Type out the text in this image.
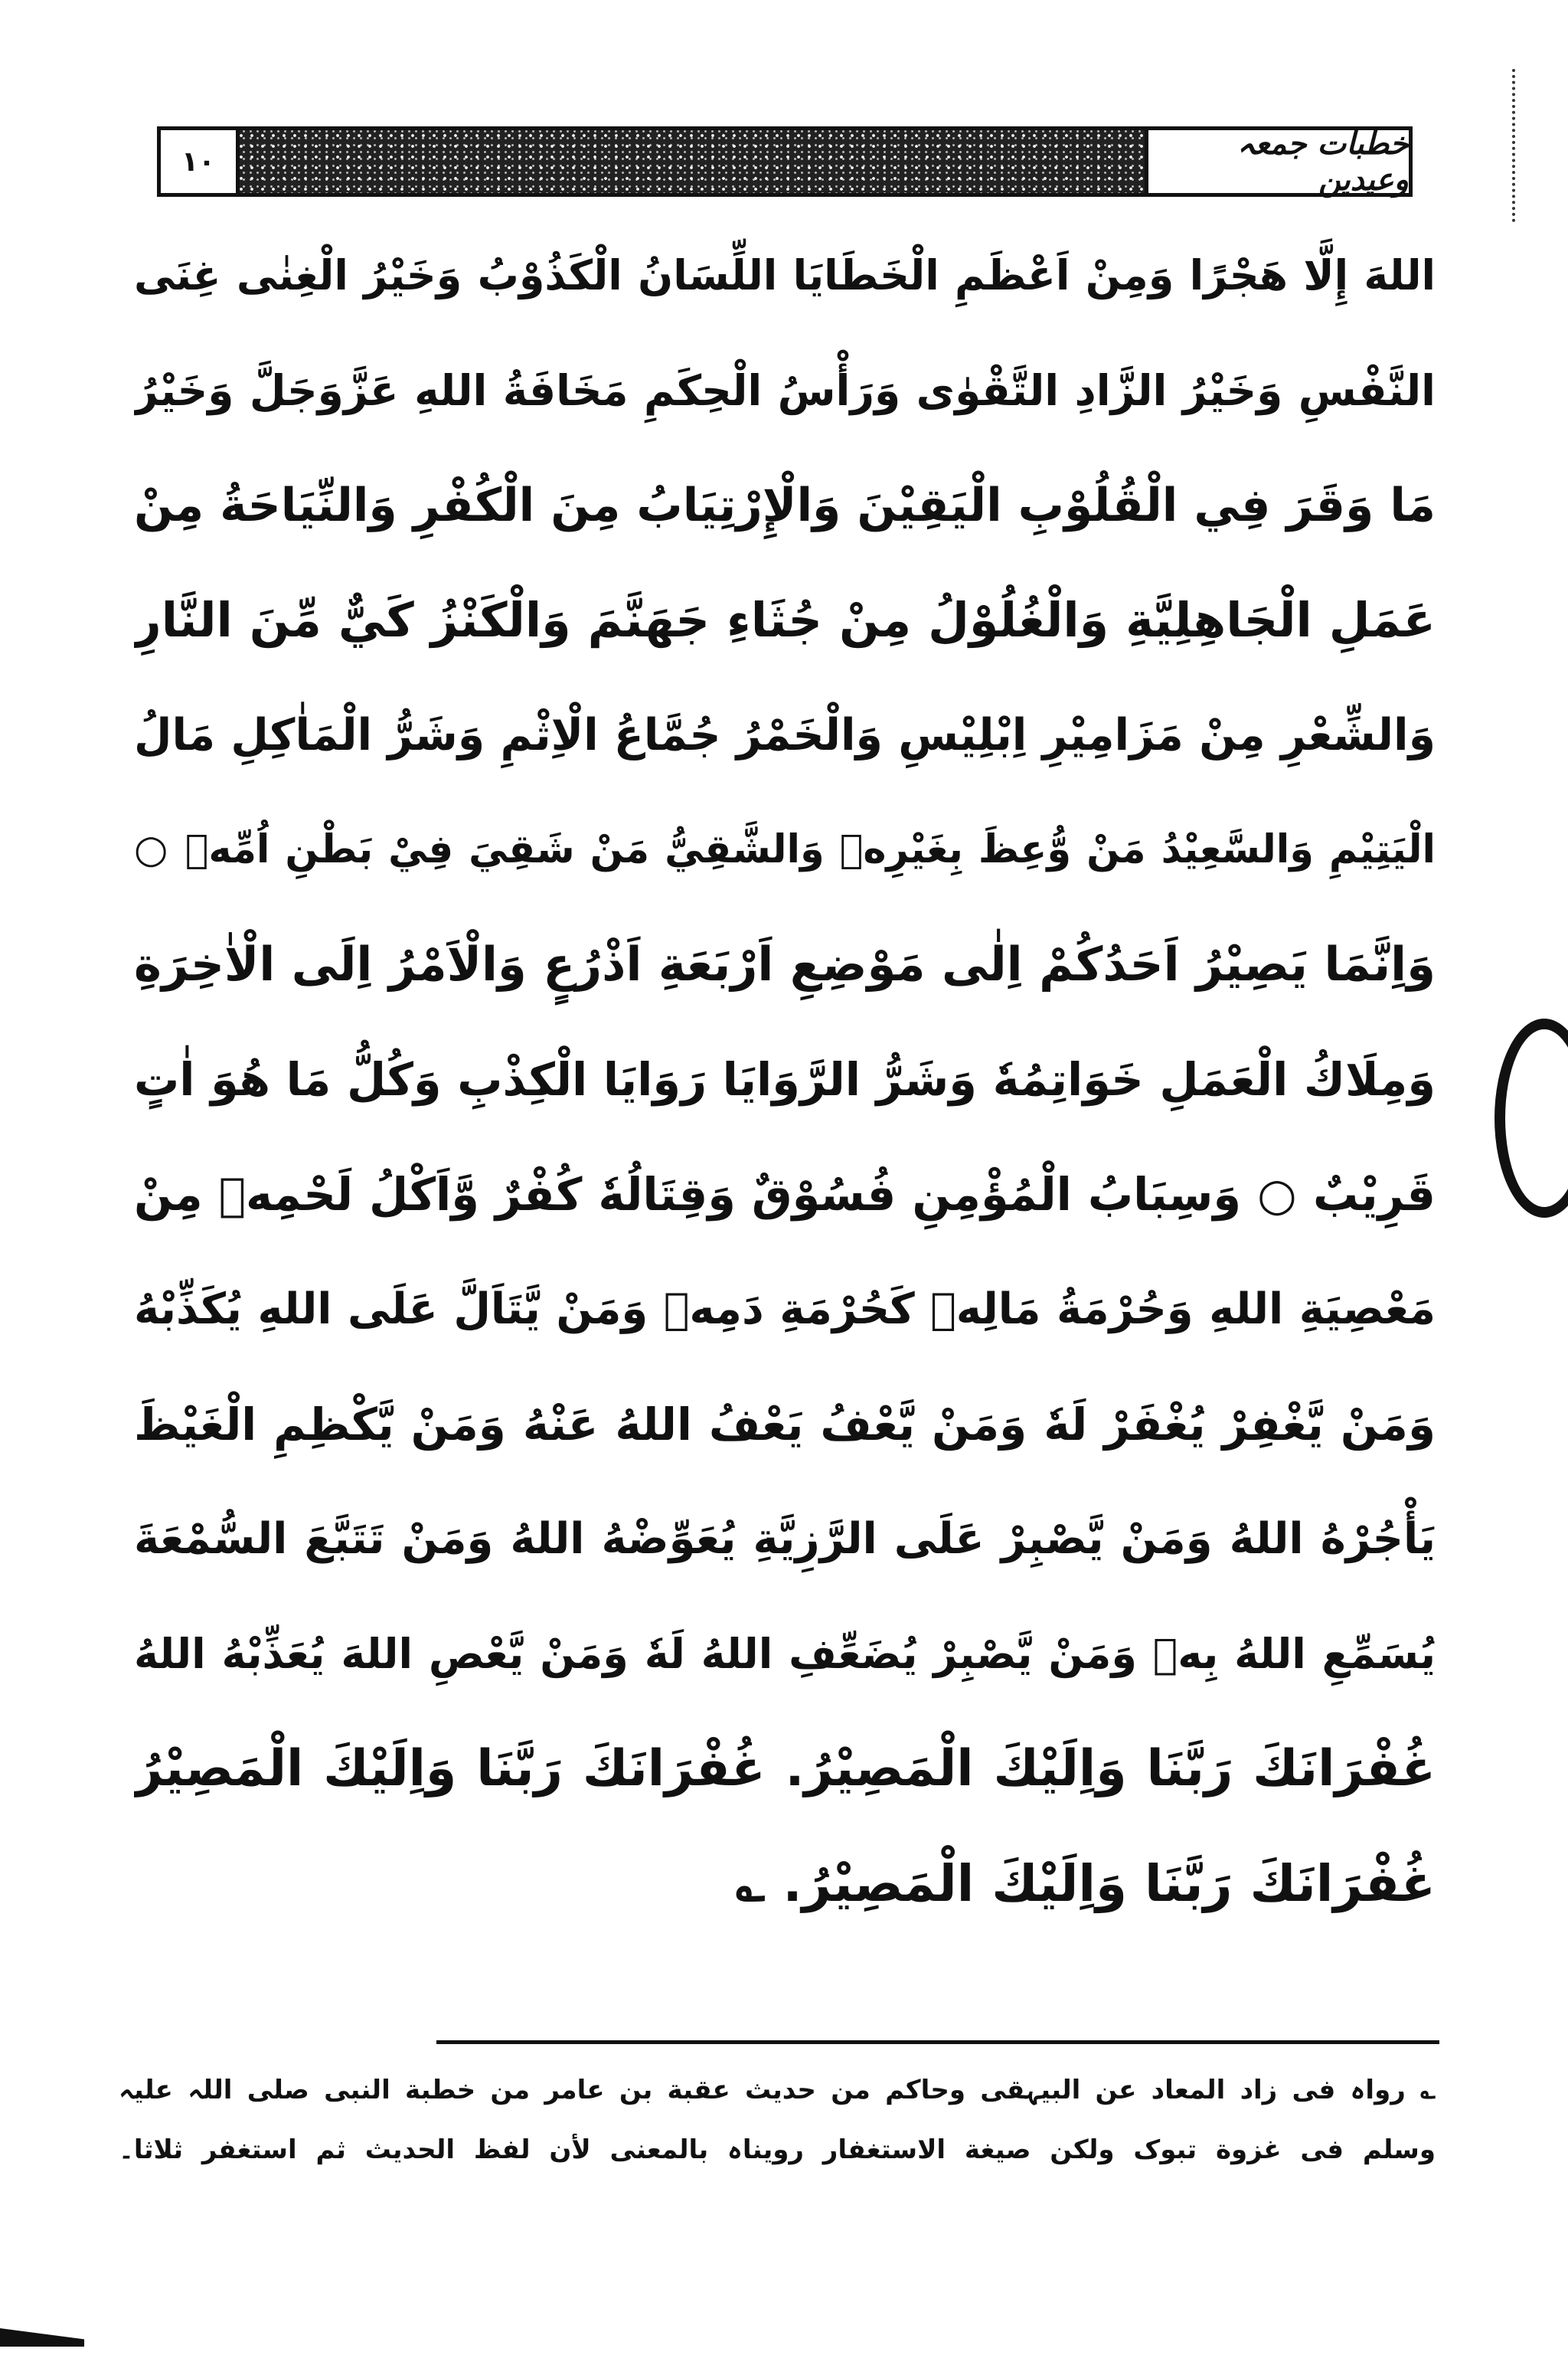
١٠	خطبات جمعہ وعیدین
اللهَ إِلَّا هَجْرًا وَمِنْ اَعْظَمِ الْخَطَايَا اللِّسَانُ الْكَذُوْبُ وَخَيْرُ الْغِنٰى غِنَى
النَّفْسِ وَخَيْرُ الزَّادِ التَّقْوٰى وَرَأْسُ الْحِكَمِ مَخَافَةُ اللهِ عَزَّوَجَلَّ وَخَيْرُ
مَا وَقَرَ فِي الْقُلُوْبِ الْيَقِيْنَ وَالْإِرْتِيَابُ مِنَ الْكُفْرِ وَالنِّيَاحَةُ مِنْ
عَمَلِ الْجَاهِلِيَّةِ وَالْغُلُوْلُ مِنْ جُثَاءِ جَهَنَّمَ وَالْكَنْزُ كَيٌّ مِّنَ النَّارِ
وَالشِّعْرِ مِنْ مَزَامِيْرِ اِبْلِيْسِ وَالْخَمْرُ جُمَّاعُ الْاِثْمِ وَشَرُّ الْمَاٰكِلِ مَالُ
الْيَتِيْمِ وَالسَّعِيْدُ مَنْ وُّعِظَ بِغَيْرِهٖ وَالشَّقِيُّ مَنْ شَقِيَ فِيْ بَطْنِ اُمِّهٖ ○
وَاِنَّمَا يَصِيْرُ اَحَدُكُمْ اِلٰى مَوْضِعِ اَرْبَعَةِ اَذْرُعٍ وَالْاَمْرُ اِلَى الْاٰخِرَةِ
وَمِلَاكُ الْعَمَلِ خَوَاتِمُهٗ وَشَرُّ الرَّوَايَا رَوَايَا الْكِذْبِ وَكُلُّ مَا هُوَ اٰتٍ
قَرِيْبٌ ○ وَسِبَابُ الْمُؤْمِنِ فُسُوْقٌ وَقِتَالُهٗ كُفْرٌ وَّاَكْلُ لَحْمِهٖ مِنْ
مَعْصِيَةِ اللهِ وَحُرْمَةُ مَالِهٖ كَحُرْمَةِ دَمِهٖ وَمَنْ يَّتَاَلَّ عَلَى اللهِ يُكَذِّبْهُ
وَمَنْ يَّغْفِرْ يُغْفَرْ لَهٗ وَمَنْ يَّعْفُ يَعْفُ اللهُ عَنْهُ وَمَنْ يَّكْظِمِ الْغَيْظَ
يَأْجُرْهُ اللهُ وَمَنْ يَّصْبِرْ عَلَى الرَّزِيَّةِ يُعَوِّضْهُ اللهُ وَمَنْ تَتَبَّعَ السُّمْعَةَ
يُسَمِّعِ اللهُ بِهٖ وَمَنْ يَّصْبِرْ يُضَعِّفِ اللهُ لَهٗ وَمَنْ يَّعْصِ اللهَ يُعَذِّبْهُ اللهُ
غُفْرَانَكَ رَبَّنَا وَاِلَيْكَ الْمَصِيْرُ. غُفْرَانَكَ رَبَّنَا وَاِلَيْكَ الْمَصِيْرُ
غُفْرَانَكَ رَبَّنَا وَاِلَيْكَ الْمَصِيْرُ. ؎
؎ رواہ فی زاد المعاد عن البیہقی وحاکم من حدیث عقبة بن عامر من خطبة النبی صلی اللہ علیہ
وسلم فی غزوة تبوک ولکن صیغة الاستغفار رویناہ بالمعنی لأن لفظ الحدیث ثم استغفر ثلاثا۔
